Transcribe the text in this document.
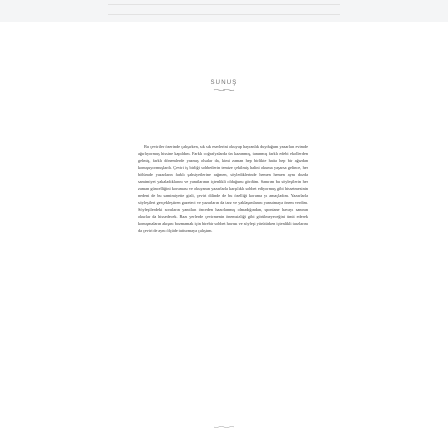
SUNUŞ

Bu çeviriler özerinde çalışırken, sık sık eserlerini okuyup hayranlık duyduğum yazarları evimde ağırlıyormuş hissine kapıldım. Farklı coğrafyalarda ün kazanmış, tanınmış farklı edebi ekollerden gelmiş, farklı dönemlerde yazmış olsalar da, kimi zaman hep birlikte hatta hep bir ağızdan konuşuyormuşlardı. Çeviri iş birliği sohbetlerin temize çekilmiş halini okuma yaşarsa gelince, her bölümde yazarların farklı şahsiyetlerine rağmen, söylediklerinde hemen hemen aynı dozda samimiyet yakaladıklarını ve yanıtlarının içtenlikli olduğunu gördüm. Sanırım bu söyleşilerin her zaman güncelliğini koruması ve okuyanın yazarlarla karşılıklı sohbet ediyormuş gibi hissetmesinin nedeni de bu samimiyette gizli, çeviri dilinde de bu özelliği koruma yı amaçladım. Yazarlarla söyleşileri gerçekleştiren gazeteci ve yazarların da tarz ve yaklaşımlarını yansıtmaya önem verdim. Söyleşilerdeki soruların yanıtları önceden hazırlanmış olmadığından, spontane havayı sanının okurlar da hissedecek. Bazı yerlerde çevirmenin önemsizliği gibi görülmeyeceğini ümit ederek konuşmaların akışını bozmamak için birebir sohbet havası ve söyleşi yürütürken içtenlikli tarzlarını da çeviri de aynı ölçüde tutturmaya çalıştım.
